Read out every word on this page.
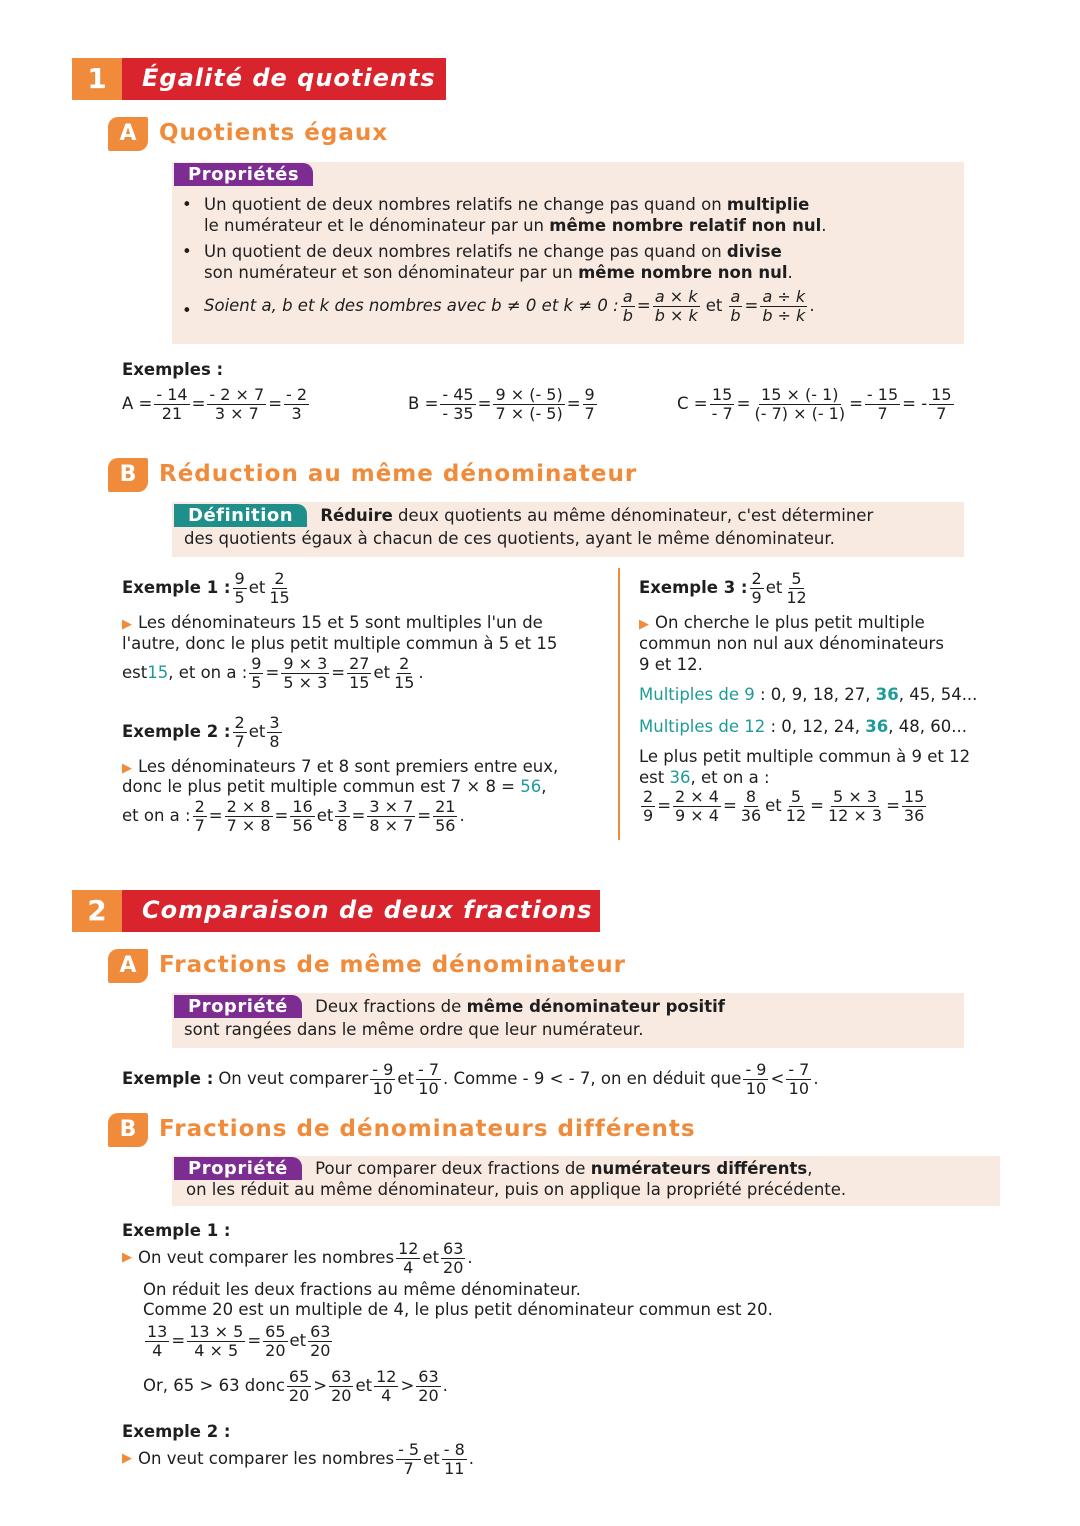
1	Égalité de quotients
A Quotients égaux
Propriétés
• Un quotient de deux nombres relatifs ne change pas quand on multiplie
le numérateur et le dénominateur par un même nombre relatif non nul.
• Un quotient de deux nombres relatifs ne change pas quand on divise
son numérateur et son dénominateur par un même nombre non nul.
• Soient a, b et k des nombres avec b ≠ 0 et k ≠ 0 : $\frac{a}{b} = \frac{a \times k}{b \times k}$ et $\frac{a}{b} = \frac{a \div k}{b \div k}$ .
Exemples :
$A = \frac{- 14}{21} = \frac{- 2 \times 7}{3 \times 7} = \frac{- 2}{3}$	$B = \frac{- 45}{- 35} = \frac{9 \times (- 5)}{7 \times (- 5)} = \frac{9}{7}$	$C = \frac{15}{- 7} = \frac{15 \times (- 1)}{(- 7) \times (- 1)} = \frac{- 15}{7}$ = - $\frac{15}{7}$
B Réduction au même dénominateur
Définition Réduire deux quotients au même dénominateur, c'est déterminer
des quotients égaux à chacun de ces quotients, ayant le même dénominateur.
Exemple 1 : $\frac{9}{5}$ et $\frac{2}{15}$
▶ Les dénominateurs 15 et 5 sont multiples l'un de
l'autre, donc le plus petit multiple commun à 5 et 15
est 15 , et on a : $\frac{9}{5} = \frac{9 \times 3}{5 \times 3} = \frac{27}{15}$ et $\frac{2}{15}$ .
Exemple 2 : $\frac{2}{7}$ et $\frac{3}{8}$
▶ Les dénominateurs 7 et 8 sont premiers entre eux,
donc le plus petit multiple commun est 7 × 8 = 56,
et on a : $\frac{2}{7} = \frac{2 \times 8}{7 \times 8} = \frac{16}{56}$ et $\frac{3}{8} = \frac{3 \times 7}{8 \times 7} = \frac{21}{56}$ .
Exemple 3 : $\frac{2}{9}$ et $\frac{5}{12}$
▶ On cherche le plus petit multiple
commun non nul aux dénominateurs
9 et 12.
Multiples de 9 : 0, 9, 18, 27, 36, 45, 54...
Multiples de 12 : 0, 12, 24, 36, 48, 60...
Le plus petit multiple commun à 9 et 12
est 36, et on a :
$\frac{2}{9} = \frac{2 \times 4}{9 \times 4} = \frac{8}{36}$ et $\frac{5}{12} = \frac{5 \times 3}{12 \times 3} = \frac{15}{36}$
2	Comparaison de deux fractions
A Fractions de même dénominateur
Propriété Deux fractions de même dénominateur positif
sont rangées dans le même ordre que leur numérateur.
Exemple : On veut comparer $\frac{- 9}{10}$ et $\frac{- 7}{10}$ . Comme - 9 < - 7, on en déduit que $\frac{- 9}{10} < \frac{- 7}{10}$ .
B Fractions de dénominateurs différents
Propriété Pour comparer deux fractions de numérateurs différents,
on les réduit au même dénominateur, puis on applique la propriété précédente.
Exemple 1 :
▶ On veut comparer les nombres $\frac{12}{4}$ et $\frac{63}{20}$ .
On réduit les deux fractions au même dénominateur.
Comme 20 est un multiple de 4, le plus petit dénominateur commun est 20.
$\frac{13}{4} = \frac{13 \times 5}{4 \times 5} = \frac{65}{20}$ et $\frac{63}{20}$
Or, 65 > 63 donc $\frac{65}{20} > \frac{63}{20}$ et $\frac{12}{4} > \frac{63}{20}$ .
Exemple 2 :
▶ On veut comparer les nombres $\frac{- 5}{7}$ et $\frac{- 8}{11}$ .
